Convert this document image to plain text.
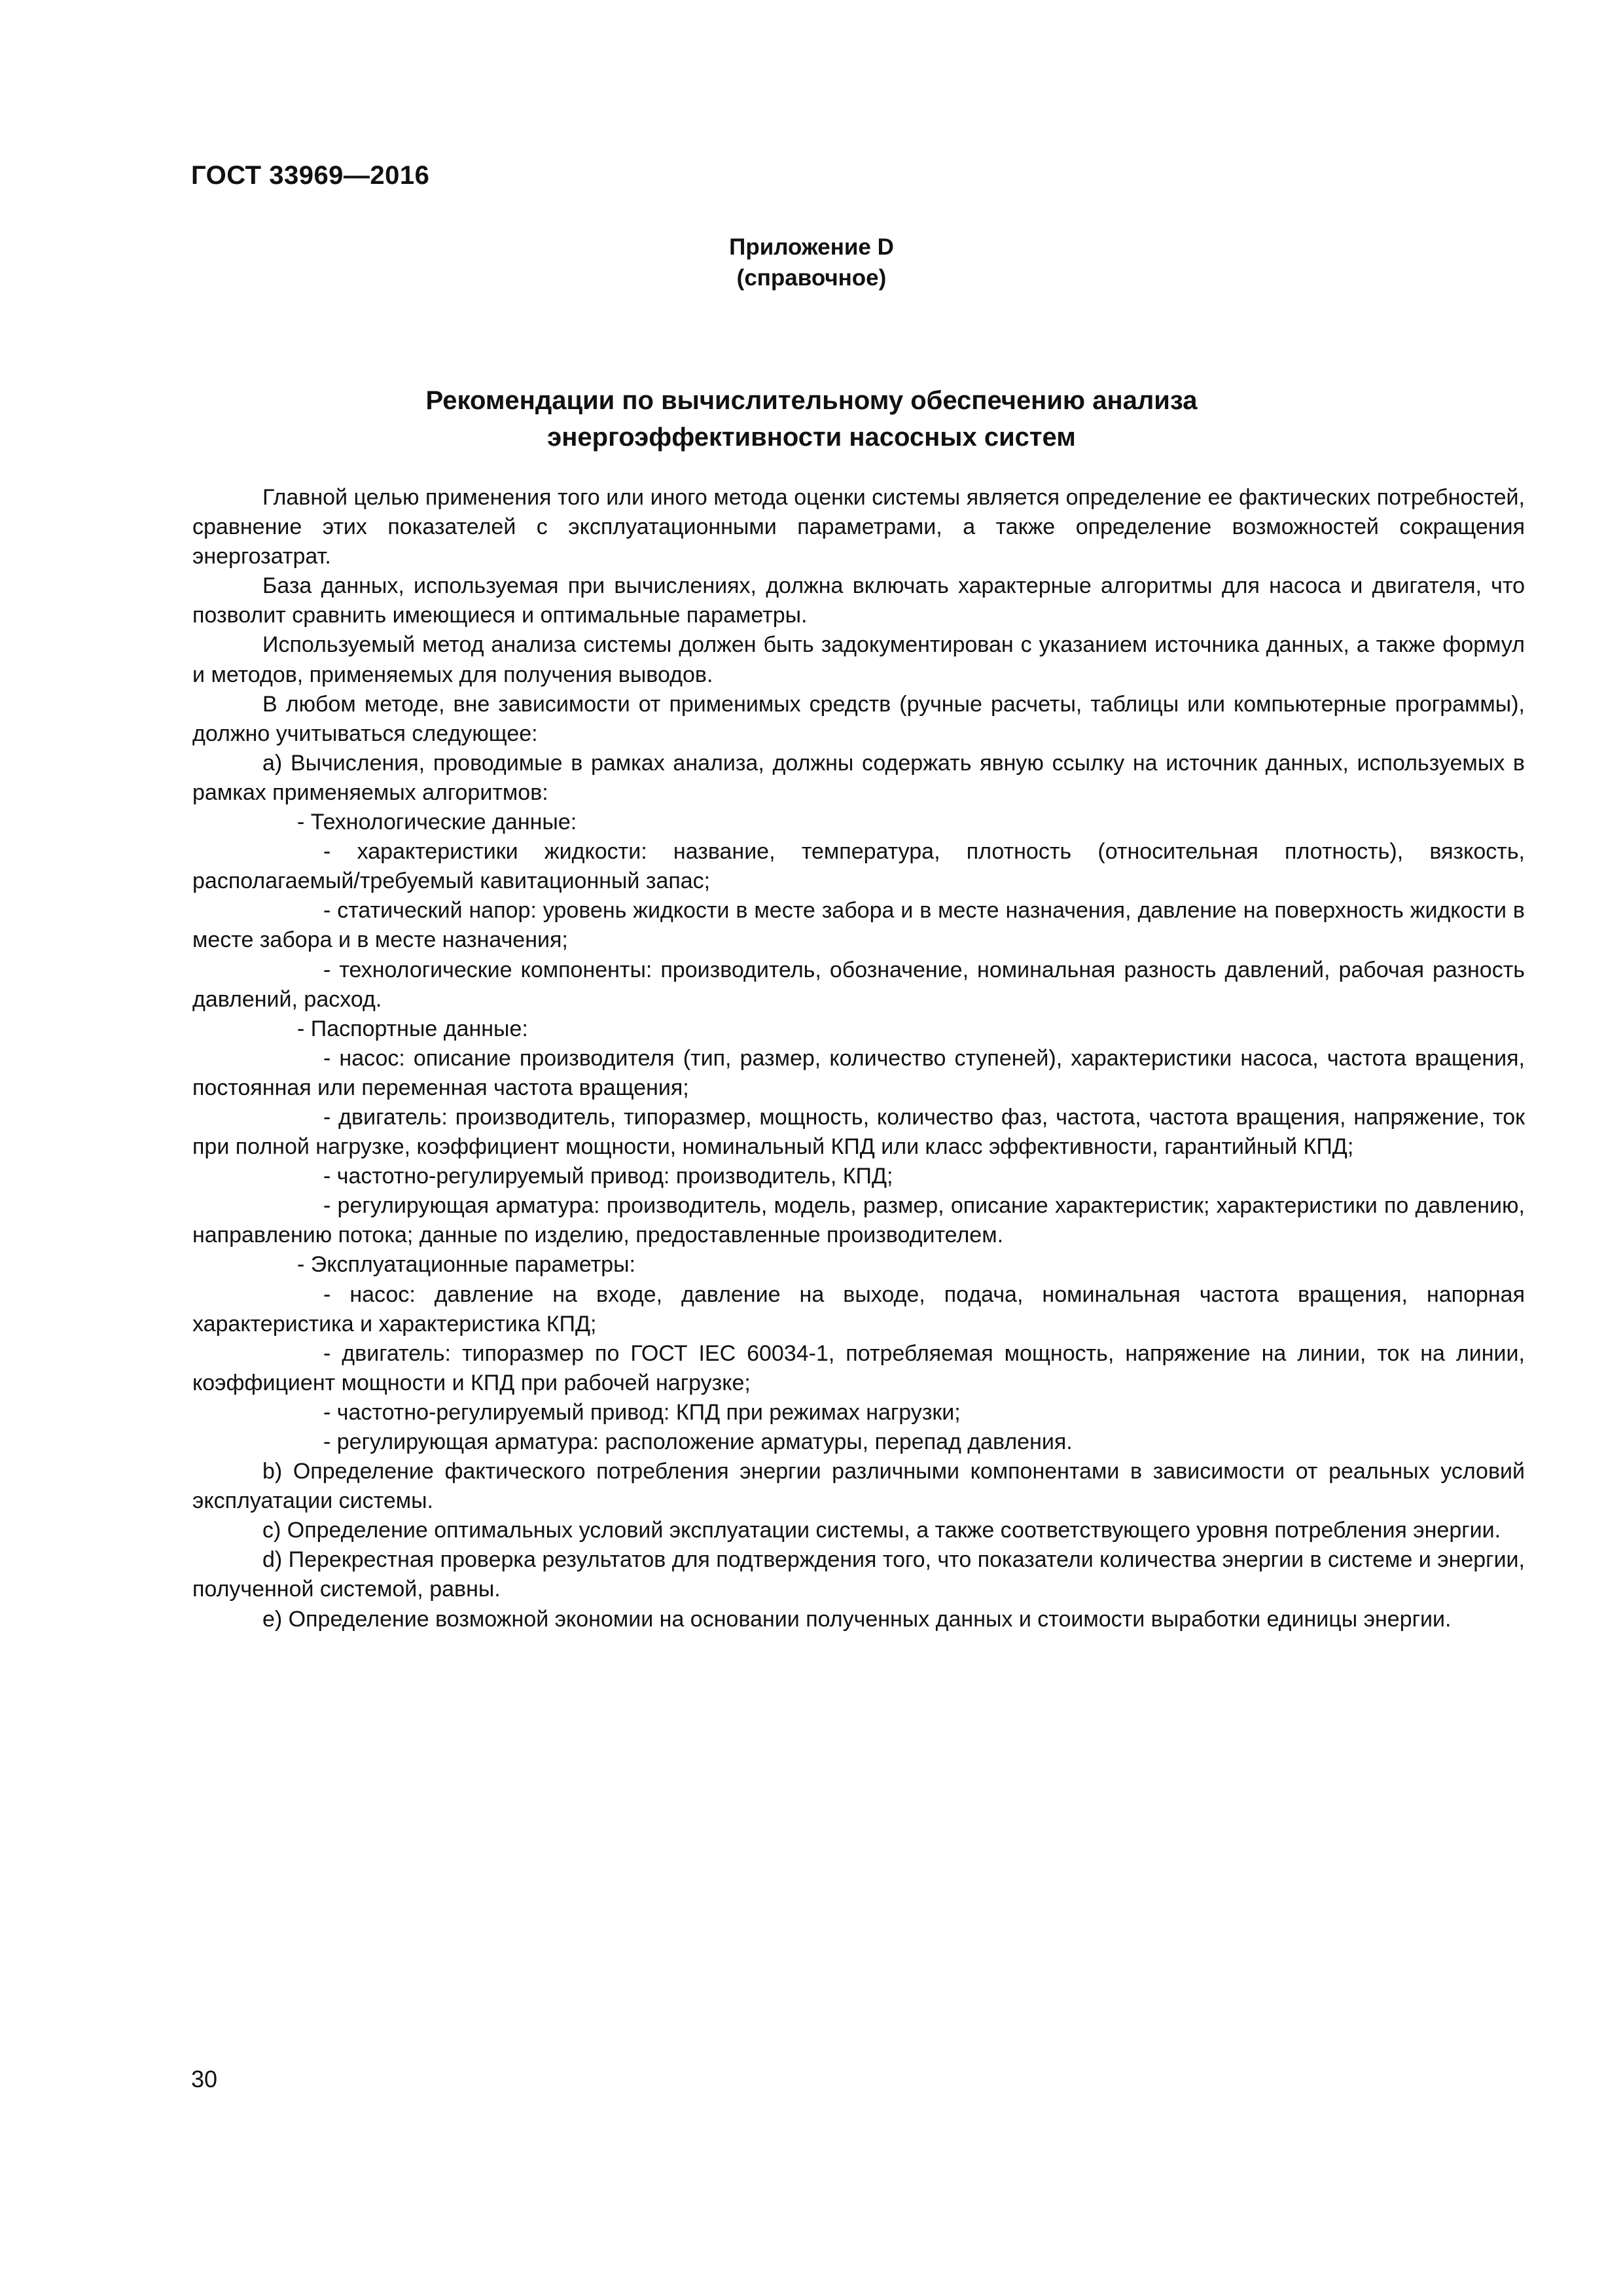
ГОСТ 33969—2016
Приложение D
(справочное)
Рекомендации по вычислительному обеспечению анализа
энергоэффективности насосных систем

Главной целью применения того или иного метода оценки системы является определение ее фактических потребностей, сравнение этих показателей с эксплуатационными параметрами, а также определение возможностей сокращения энергозатрат.

База данных, используемая при вычислениях, должна включать характерные алгоритмы для насоса и двигателя, что позволит сравнить имеющиеся и оптимальные параметры.

Используемый метод анализа системы должен быть задокументирован с указанием источника данных, а также формул и методов, применяемых для получения выводов.

В любом методе, вне зависимости от применимых средств (ручные расчеты, таблицы или компьютерные программы), должно учитываться следующее:

a) Вычисления, проводимые в рамках анализа, должны содержать явную ссылку на источник данных, используемых в рамках применяемых алгоритмов:

- Технологические данные:

- характеристики жидкости: название, температура, плотность (относительная плотность), вязкость, располагаемый/требуемый кавитационный запас;

- статический напор: уровень жидкости в месте забора и в месте назначения, давление на поверхность жидкости в месте забора и в месте назначения;

- технологические компоненты: производитель, обозначение, номинальная разность давлений, рабочая разность давлений, расход.

- Паспортные данные:

- насос: описание производителя (тип, размер, количество ступеней), характеристики насоса, частота вращения, постоянная или переменная частота вращения;

- двигатель: производитель, типоразмер, мощность, количество фаз, частота, частота вращения, напряжение, ток при полной нагрузке, коэффициент мощности, номинальный КПД или класс эффективности, гарантийный КПД;

- частотно-регулируемый привод: производитель, КПД;

- регулирующая арматура: производитель, модель, размер, описание характеристик; характеристики по давлению, направлению потока; данные по изделию, предоставленные производителем.

- Эксплуатационные параметры:

- насос: давление на входе, давление на выходе, подача, номинальная частота вращения, напорная характеристика и характеристика КПД;

- двигатель: типоразмер по ГОСТ IEC 60034-1, потребляемая мощность, напряжение на линии, ток на линии, коэффициент мощности и КПД при рабочей нагрузке;

- частотно-регулируемый привод: КПД при режимах нагрузки;

- регулирующая арматура: расположение арматуры, перепад давления.

b) Определение фактического потребления энергии различными компонентами в зависимости от реальных условий эксплуатации системы.

c) Определение оптимальных условий эксплуатации системы, а также соответствующего уровня потребления энергии.

d) Перекрестная проверка результатов для подтверждения того, что показатели количества энергии в системе и энергии, полученной системой, равны.

e) Определение возможной экономии на основании полученных данных и стоимости выработки единицы энергии.

30
